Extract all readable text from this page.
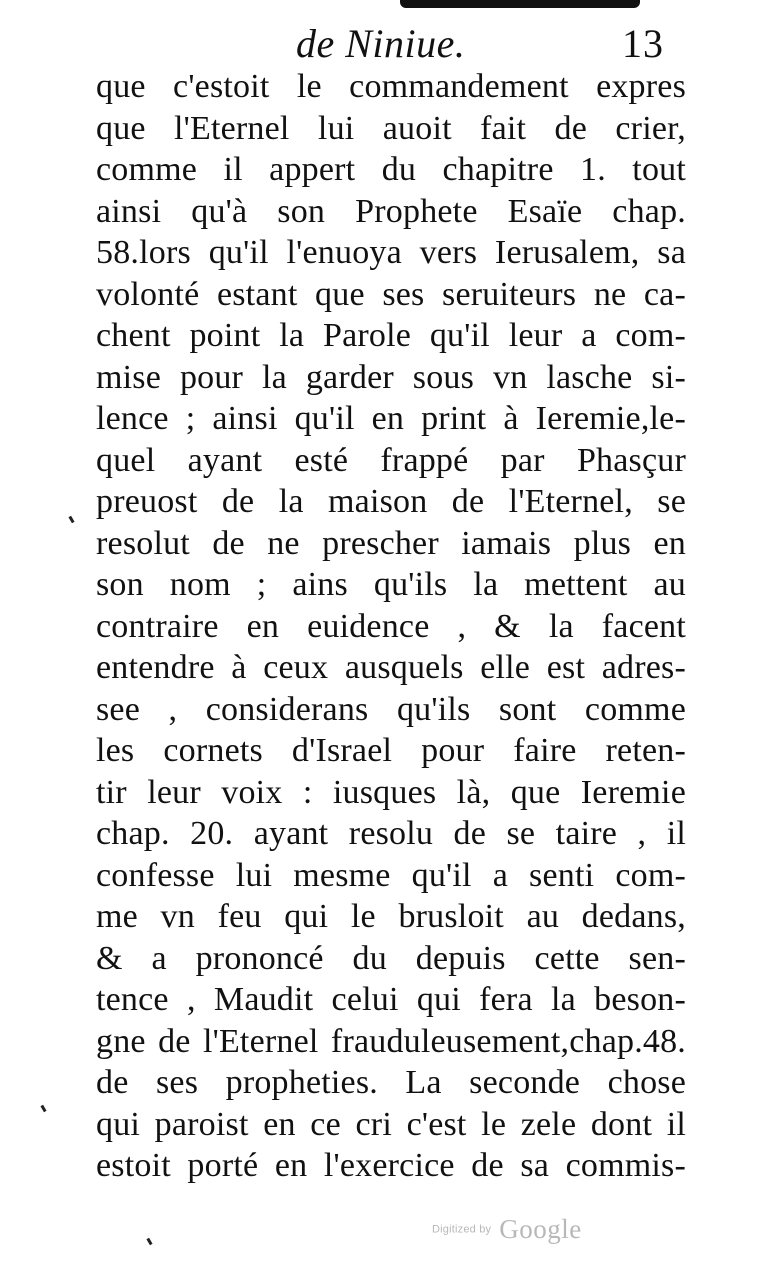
de Niniue.	13
que c'estoit le commandement expres
que l'Eternel lui auoit fait de crier,
comme il appert du chapitre 1. tout
ainsi qu'à son Prophete Esaïe chap.
58.lors qu'il l'enuoya vers Ierusalem, sa
volonté estant que ses seruiteurs ne ca-
chent point la Parole qu'il leur a com-
mise pour la garder sous vn lasche si-
lence ; ainsi qu'il en print à Ieremie,le-
quel ayant esté frappé par Phasçur
preuost de la maison de l'Eternel, se
resolut de ne prescher iamais plus en
son nom ; ains qu'ils la mettent au
contraire en euidence , & la facent
entendre à ceux ausquels elle est adres-
see , considerans qu'ils sont comme
les cornets d'Israel pour faire reten-
tir leur voix : iusques là, que Ieremie
chap. 20. ayant resolu de se taire , il
confesse lui mesme qu'il a senti com-
me vn feu qui le brusloit au dedans,
& a prononcé du depuis cette sen-
tence , Maudit celui qui fera la beson-
gne de l'Eternel frauduleusement,chap.48.
de ses propheties. La seconde chose
qui paroist en ce cri c'est le zele dont il
estoit porté en l'exercice de sa commis-
Digitized by Google
